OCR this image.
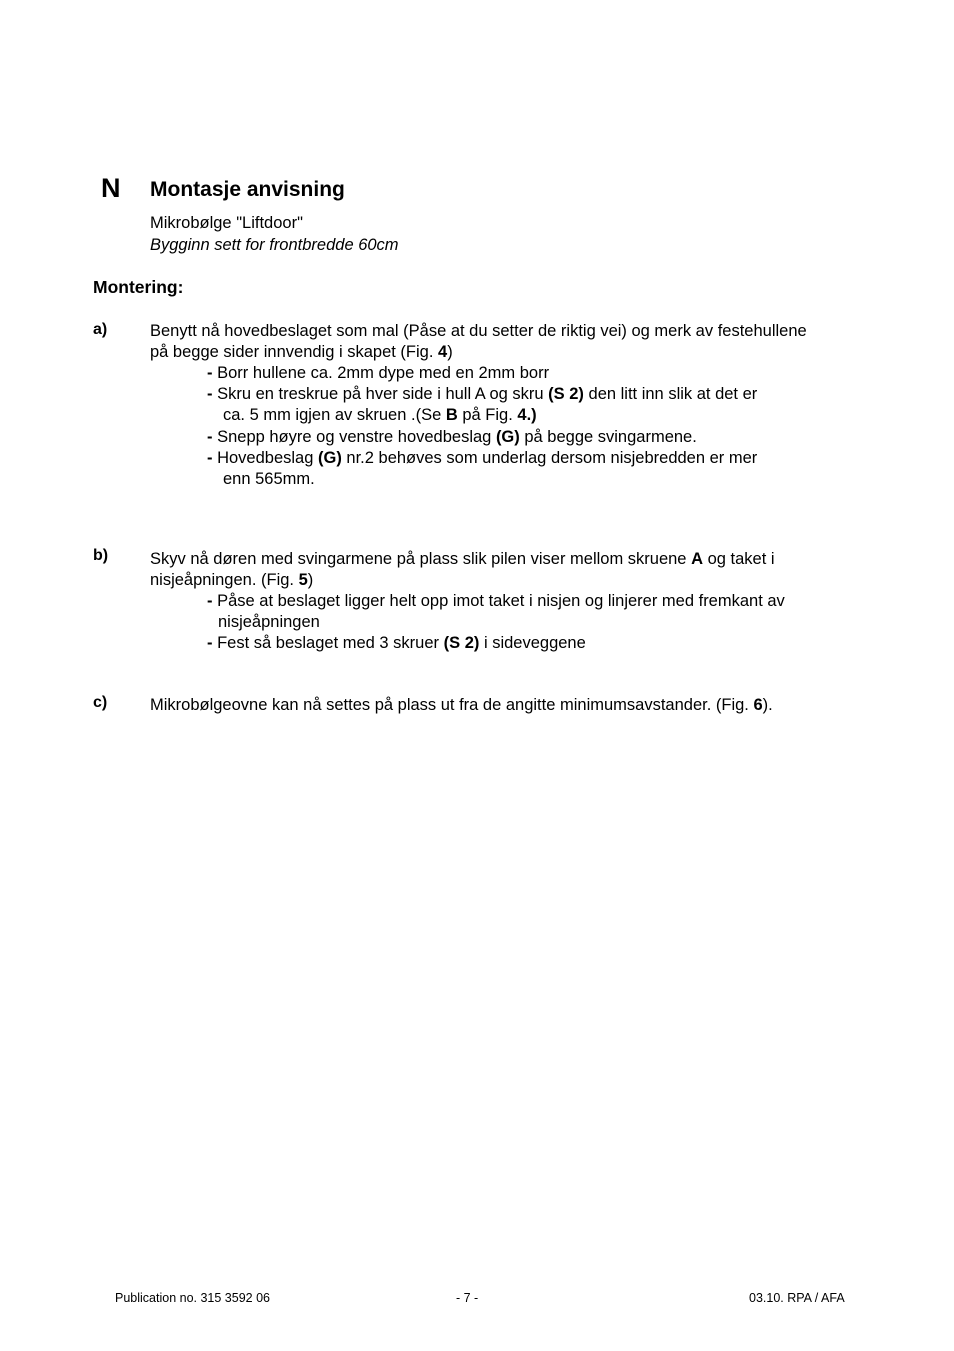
N Montasje anvisning
Mikrobølge "Liftdoor"
Bygginn sett for frontbredde 60cm
Montering:
a)	Benytt nå hovedbeslaget som mal (Påse at du setter de riktig vei) og merk av festehullene
på begge sider innvendig i skapet (Fig. 4)
- Borr hullene ca. 2mm dype med en 2mm borr
- Skru en treskrue på hver side i hull A og skru (S 2) den litt inn slik at det er
ca. 5 mm igjen av skruen .(Se B på Fig. 4.)
- Snepp høyre og venstre hovedbeslag (G) på begge svingarmene.
- Hovedbeslag (G) nr.2 behøves som underlag dersom nisjebredden er mer
enn 565mm.
b)	Skyv nå døren med svingarmene på plass slik pilen viser mellom skruene A og taket i
nisjeåpningen. (Fig. 5)
- Påse at beslaget ligger helt opp imot taket i nisjen og linjerer med fremkant av
nisjeåpningen
- Fest så beslaget med 3 skruer (S 2) i sideveggene
c)	Mikrobølgeovne kan nå settes på plass ut fra de angitte minimumsavstander. (Fig. 6).
Publication no. 315 3592 06	- 7 -	03.10. RPA / AFA
